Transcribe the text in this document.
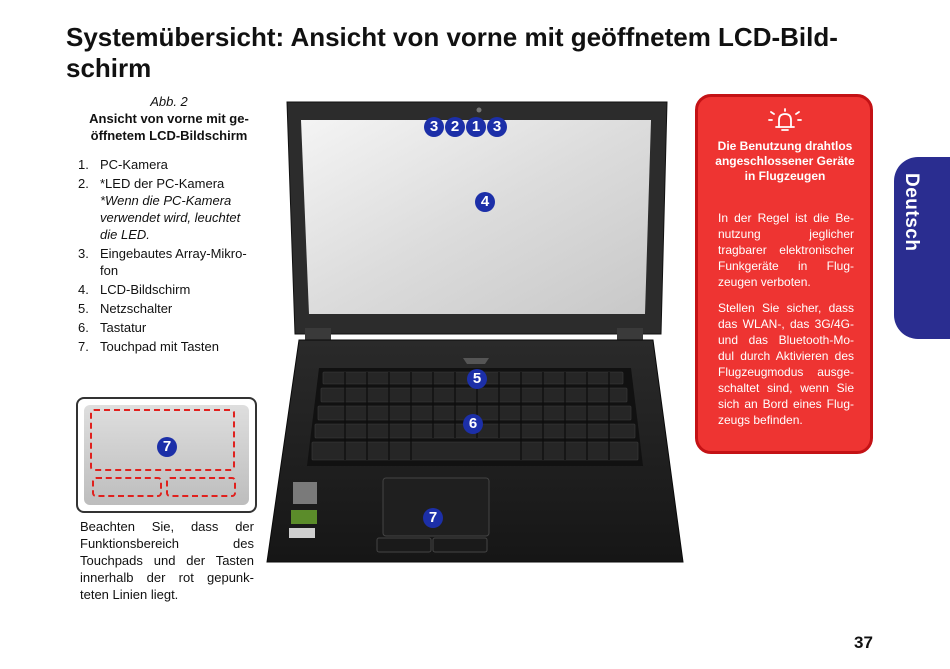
Systemübersicht: Ansicht von vorne mit geöffnetem LCD-Bild-schirm
Abb. 2
Ansicht von vorne mit ge-öffnetem LCD-Bildschirm
1. PC-Kamera
2. *LED der PC-Kamera
*Wenn die PC-Kamera verwendet wird, leuchtet die LED.
3. Eingebautes Array-Mikro-fon
4. LCD-Bildschirm
5. Netzschalter
6. Tastatur
7. Touchpad mit Tasten
7
Beachten Sie, dass der Funktionsbereich des Touchpads und der Tasten innerhalb der rot gepunk-teten Linien liegt.
3 2 1 3
4
5
6
7
Die Benutzung drahtlos angeschlossener Geräte in Flugzeugen
In der Regel ist die Be-nutzung jeglicher tragbarer elektronischer Funkgeräte in Flug-zeugen verboten.
Stellen Sie sicher, dass das WLAN-, das 3G/4G- und das Bluetooth-Mo-dul durch Aktivieren des Flugzeugmodus ausge-schaltet sind, wenn Sie sich an Bord eines Flug-zeugs befinden.
Deutsch
37
